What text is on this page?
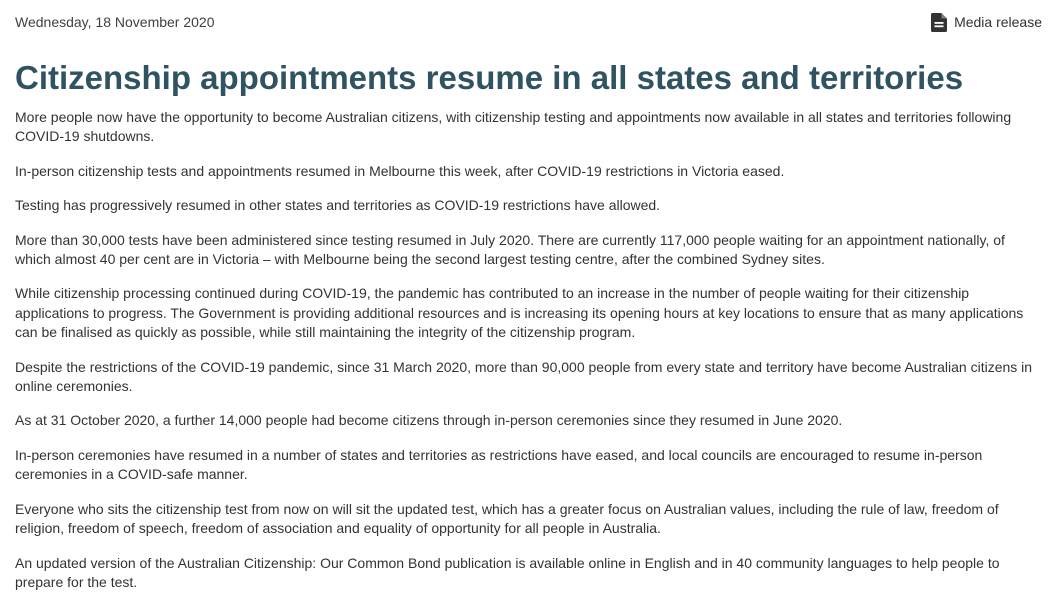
Wednesday, 18 November 2020	Media release
Citizenship appointments resume in all states and territories

More people now have the opportunity to become Australian citizens, with citizenship testing and appointments now available in all states and territories following COVID-19 shutdowns.

In-person citizenship tests and appointments resumed in Melbourne this week, after COVID-19 restrictions in Victoria eased.

Testing has progressively resumed in other states and territories as COVID-19 restrictions have allowed.

More than 30,000 tests have been administered since testing resumed in July 2020. There are currently 117,000 people waiting for an appointment nationally, of which almost 40 per cent are in Victoria – with Melbourne being the second largest testing centre, after the combined Sydney sites.

While citizenship processing continued during COVID-19, the pandemic has contributed to an increase in the number of people waiting for their citizenship applications to progress. The Government is providing additional resources and is increasing its opening hours at key locations to ensure that as many applications can be finalised as quickly as possible, while still maintaining the integrity of the citizenship program.

Despite the restrictions of the COVID-19 pandemic, since 31 March 2020, more than 90,000 people from every state and territory have become Australian citizens in online ceremonies.

As at 31 October 2020, a further 14,000 people had become citizens through in-person ceremonies since they resumed in June 2020.

In-person ceremonies have resumed in a number of states and territories as restrictions have eased, and local councils are encouraged to resume in-person ceremonies in a COVID-safe manner.

Everyone who sits the citizenship test from now on will sit the updated test, which has a greater focus on Australian values, including the rule of law, freedom of religion, freedom of speech, freedom of association and equality of opportunity for all people in Australia.

An updated version of the Australian Citizenship: Our Common Bond publication is available online in English and in 40 community languages to help people to prepare for the test.
